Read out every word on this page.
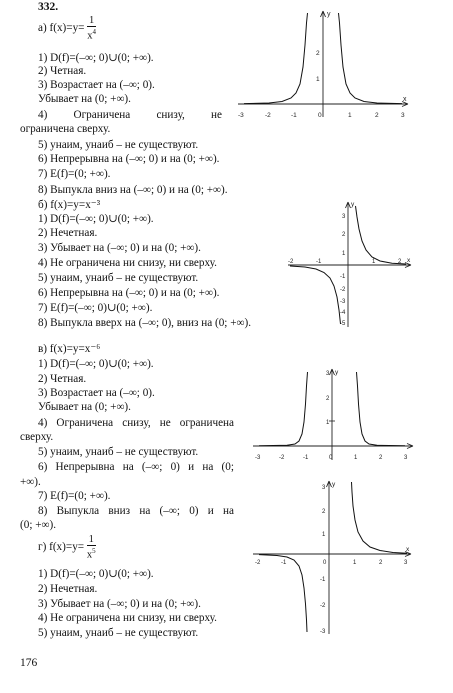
332.
а) $f(x)=y= \frac{1}{x^4}$
1) D(f)=(–∞; 0)∪(0; +∞).
2) Четная.
3) Возрастает на (–∞; 0).
Убывает на (0; +∞).
4) Ограничена снизу, не
ограничена сверху.
5) yнаим, yнаиб – не существуют.
6) Непрерывна на (–∞; 0) и на (0; +∞).
7) E(f)=(0; +∞).
8) Выпукла вниз на (–∞; 0) и на (0; +∞).
б) f(x)=y=x⁻³
1) D(f)=(–∞; 0)∪(0; +∞).
2) Нечетная.
3) Убывает на (–∞; 0) и на (0; +∞).
4) Не ограничена ни снизу, ни сверху.
5) yнаим, yнаиб – не существуют.
6) Непрерывна на (–∞; 0) и на (0; +∞).
7) E(f)=(–∞; 0)∪(0; +∞).
8) Выпукла вверх на (–∞; 0), вниз на (0; +∞).
в) f(x)=y=x⁻⁶
1) D(f)=(–∞; 0)∪(0; +∞).
2) Четная.
3) Возрастает на (–∞; 0).
Убывает на (0; +∞).
4) Ограничена снизу, не ограничена
сверху.
5) yнаим, yнаиб – не существуют.
6) Непрерывна на (–∞; 0) и на (0;
+∞).
7) E(f)=(0; +∞).
8) Выпукла вниз на (–∞; 0) и на
(0; +∞).
г) $f(x)=y= \frac{1}{x^5}$
1) D(f)=(–∞; 0)∪(0; +∞).
2) Нечетная.
3) Убывает на (–∞; 0) и на (0; +∞).
4) Не ограничена ни снизу, ни сверху.
5) yнаим, yнаиб – не существуют.
176
x
y
-3	-2	-1	0	1	2	3
2
1
x
y
-2	-1	1	2
1
2
3
-1
-2
-3
-4
-5
y
-3	-2	-1	0	1	2	3
3
2
1
x
y
-2	-1	0	1	2	3
3
2
1
-1
-2
-3
